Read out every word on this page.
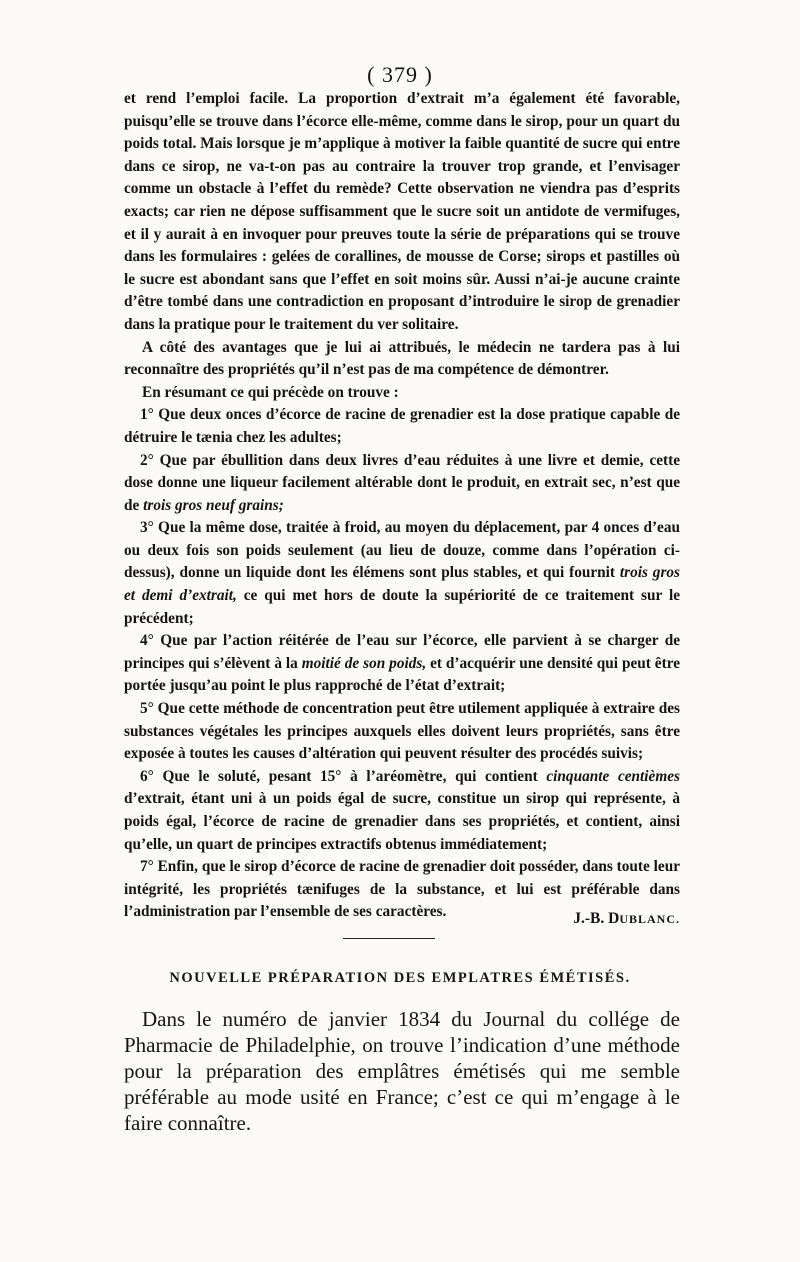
( 379 )

et rend l’emploi facile. La proportion d’extrait m’a également été favorable, puisqu’elle se trouve dans l’écorce elle-même, comme dans le sirop, pour un quart du poids total. Mais lorsque je m’applique à motiver la faible quantité de sucre qui entre dans ce sirop, ne va-t-on pas au contraire la trouver trop grande, et l’envisager comme un obstacle à l’effet du remède? Cette observation ne viendra pas d’esprits exacts; car rien ne dépose suffisamment que le sucre soit un antidote de vermifuges, et il y aurait à en invoquer pour preuves toute la série de préparations qui se trouve dans les formulaires : gelées de corallines, de mousse de Corse; sirops et pastilles où le sucre est abondant sans que l’effet en soit moins sûr. Aussi n’ai-je aucune crainte d’être tombé dans une contradiction en proposant d’introduire le sirop de grenadier dans la pratique pour le traitement du ver solitaire.

A côté des avantages que je lui ai attribués, le médecin ne tardera pas à lui reconnaître des propriétés qu’il n’est pas de ma compétence de démontrer.

En résumant ce qui précède on trouve :

1° Que deux onces d’écorce de racine de grenadier est la dose pratique capable de détruire le tænia chez les adultes;

2° Que par ébullition dans deux livres d’eau réduites à une livre et demie, cette dose donne une liqueur facilement altérable dont le produit, en extrait sec, n’est que de trois gros neuf grains;

3° Que la même dose, traitée à froid, au moyen du déplacement, par 4 onces d’eau ou deux fois son poids seulement (au lieu de douze, comme dans l’opération ci-dessus), donne un liquide dont les élémens sont plus stables, et qui fournit trois gros et demi d’extrait, ce qui met hors de doute la supériorité de ce traitement sur le précédent;

4° Que par l’action réitérée de l’eau sur l’écorce, elle parvient à se charger de principes qui s’élèvent à la moitié de son poids, et d’acquérir une densité qui peut être portée jusqu’au point le plus rapproché de l’état d’extrait;

5° Que cette méthode de concentration peut être utilement appliquée à extraire des substances végétales les principes auxquels elles doivent leurs propriétés, sans être exposée à toutes les causes d’altération qui peuvent résulter des procédés suivis;

6° Que le soluté, pesant 15° à l’aréomètre, qui contient cinquante centièmes d’extrait, étant uni à un poids égal de sucre, constitue un sirop qui représente, à poids égal, l’écorce de racine de grenadier dans ses propriétés, et contient, ainsi qu’elle, un quart de principes extractifs obtenus immédiatement;

7° Enfin, que le sirop d’écorce de racine de grenadier doit posséder, dans toute leur intégrité, les propriétés tænifuges de la substance, et lui est préférable dans l’administration par l’ensemble de ses caractères.	J.-B. DUBLANC.
NOUVELLE PRÉPARATION DES EMPLATRES ÉMÉTISÉS.

Dans le numéro de janvier 1834 du Journal du collége de Pharmacie de Philadelphie, on trouve l’indication d’une méthode pour la préparation des emplâtres émétisés qui me semble préférable au mode usité en France; c’est ce qui m’engage à le faire connaître.
